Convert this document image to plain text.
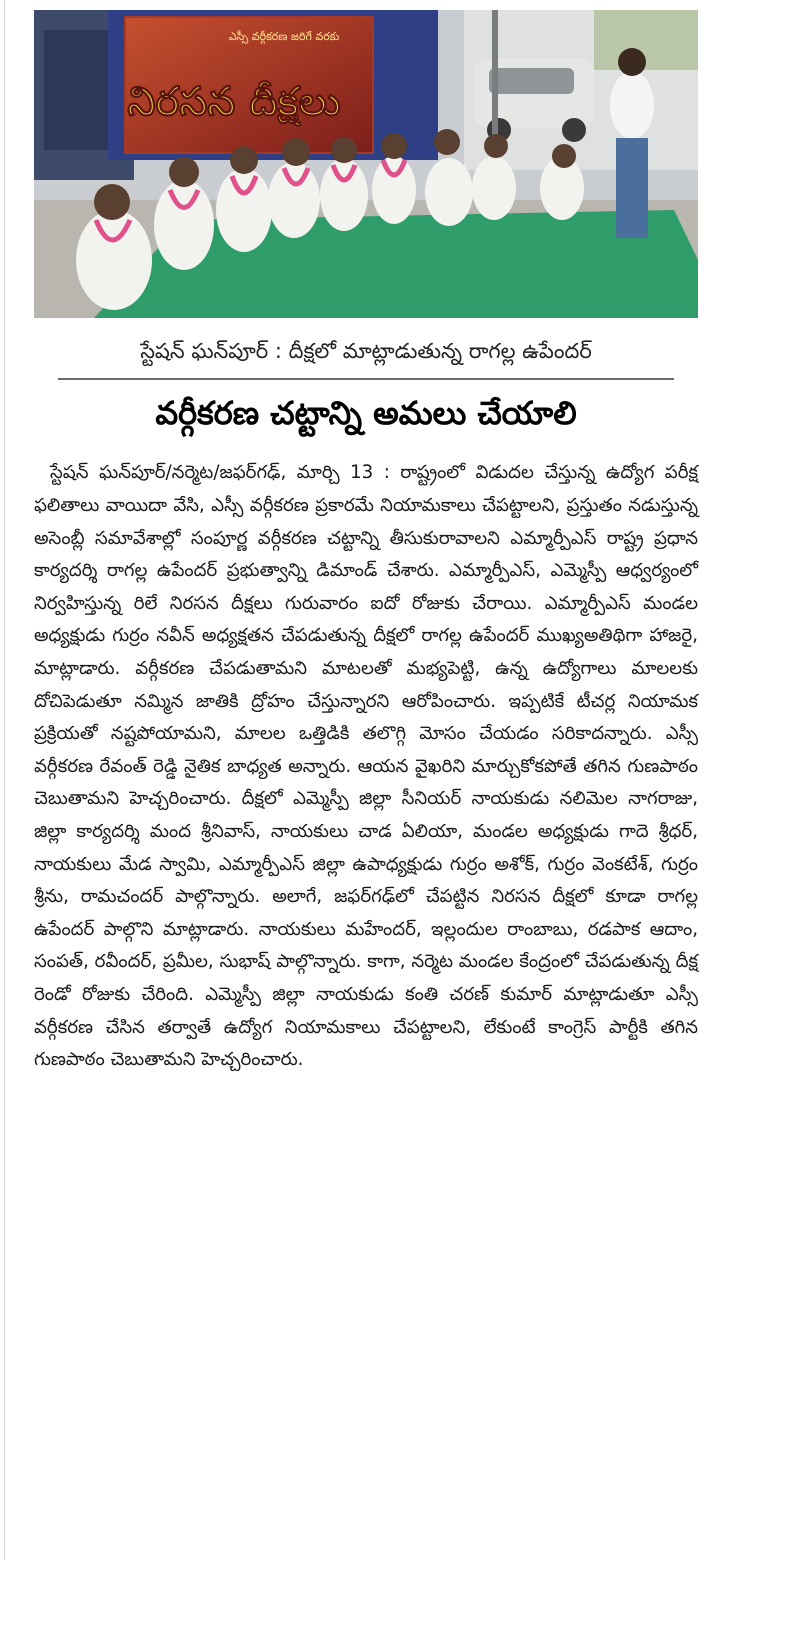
ఎస్సీ వర్గీకరణ జరిగే వరకు
నిరసన దీక్షలు
స్టేషన్ ఘన్‌పూర్ : దీక్షలో మాట్లాడుతున్న రాగల్ల ఉపేందర్
వర్గీకరణ చట్టాన్ని అమలు చేయాలి

స్టేషన్ ఘన్‌పూర్/నర్మెట/జఫర్‌గఢ్, మార్చి 13 : రాష్ట్రంలో విడుదల చేస్తున్న ఉద్యోగ పరీక్ష ఫలితాలు వాయిదా వేసి, ఎస్సీ వర్గీకరణ ప్రకారమే నియామకాలు చేపట్టాలని, ప్రస్తుతం నడుస్తున్న అసెంబ్లీ సమావేశాల్లో సంపూర్ణ వర్గీకరణ చట్టాన్ని తీసుకురావాలని ఎమ్మార్పీఎస్ రాష్ట్ర ప్రధాన కార్యదర్శి రాగల్ల ఉపేందర్ ప్రభుత్వాన్ని డిమాండ్ చేశారు. ఎమ్మార్పీఎస్, ఎమ్మెస్పీ ఆధ్వర్యంలో నిర్వహిస్తున్న రిలే నిరసన దీక్షలు గురువారం ఐదో రోజుకు చేరాయి. ఎమ్మార్పీఎస్ మండల అధ్యక్షుడు గుర్రం నవీన్ అధ్యక్షతన చేపడుతున్న దీక్షలో రాగల్ల ఉపేందర్ ముఖ్యఅతిథిగా హాజరై, మాట్లాడారు. వర్గీకరణ చేపడుతామని మాటలతో మభ్యపెట్టి, ఉన్న ఉద్యోగాలు మాలలకు దోచిపెడుతూ నమ్మిన జాతికి ద్రోహం చేస్తున్నారని ఆరోపించారు. ఇప్పటికే టీచర్ల నియామక ప్రక్రియతో నష్టపోయామని, మాలల ఒత్తిడికి తలొగ్గి మోసం చేయడం సరికాదన్నారు. ఎస్సీ వర్గీకరణ రేవంత్ రెడ్డి నైతిక బాధ్యత అన్నారు. ఆయన వైఖరిని మార్చుకోకపోతే తగిన గుణపాఠం చెబుతామని హెచ్చరించారు. దీక్షలో ఎమ్మెస్పీ జిల్లా సీనియర్ నాయకుడు నలిమెల నాగరాజు, జిల్లా కార్యదర్శి మంద శ్రీనివాస్, నాయకులు చాడ ఏలియా, మండల అధ్యక్షుడు గాదె శ్రీధర్, నాయకులు మేడ స్వామి, ఎమ్మార్పీఎస్ జిల్లా ఉపాధ్యక్షుడు గుర్రం అశోక్, గుర్రం వెంకటేశ్, గుర్రం శ్రీను, రామచందర్ పాల్గొన్నారు. అలాగే, జఫర్‌గఢ్‌లో చేపట్టిన నిరసన దీక్షలో కూడా రాగల్ల ఉపేందర్ పాల్గొని మాట్లాడారు. నాయకులు మహేందర్, ఇల్లందుల రాంబాబు, రడపాక ఆదాం, సంపత్, రవీందర్, ప్రమీల, సుభాష్ పాల్గొన్నారు. కాగా, నర్మెట మండల కేంద్రంలో చేపడుతున్న దీక్ష రెండో రోజుకు చేరింది. ఎమ్మెస్పీ జిల్లా నాయకుడు కంతి చరణ్ కుమార్ మాట్లాడుతూ ఎస్సీ వర్గీకరణ చేసిన తర్వాతే ఉద్యోగ నియామకాలు చేపట్టాలని, లేకుంటే కాంగ్రెస్ పార్టీకి తగిన గుణపాఠం చెబుతామని హెచ్చరించారు.
